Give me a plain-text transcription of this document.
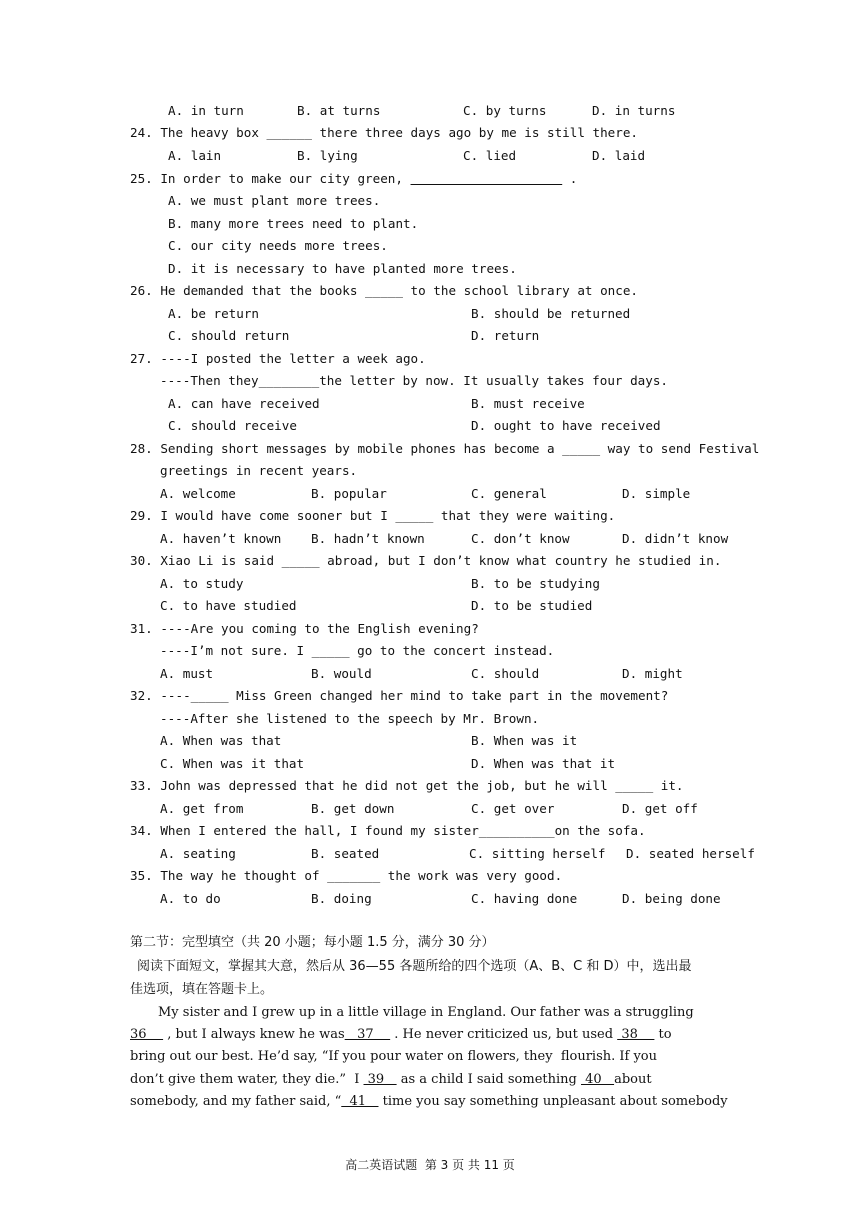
A. in turn	B. at turns	C. by turns	D. in turns
24. The heavy box ______ there three days ago by me is still there.
A. lain	B. lying	C. lied	D. laid
25. In order to make our city green,	.
A. we must plant more trees.
B. many more trees need to plant.
C. our city needs more trees.
D. it is necessary to have planted more trees.
26. He demanded that the books _____ to the school library at once.
A. be return	B. should be returned
C. should return	D. return
27. ----I posted the letter a week ago.
----Then they________the letter by now. It usually takes four days.
A. can have received	B. must receive
C. should receive	D. ought to have received
28. Sending short messages by mobile phones has become a _____ way to send Festival
greetings in recent years.
A. welcome	B. popular	C. general	D. simple
29. I would have come sooner but I _____ that they were waiting.
A. haven’t known B. hadn’t known	C. don’t know	D. didn’t know
30. Xiao Li is said _____ abroad, but I don’t know what country he studied in.
A. to study	B. to be studying
C. to have studied	D. to be studied
31. ----Are you coming to the English evening?
----I’m not sure. I _____ go to the concert instead.
A. must	B. would	C. should	D. might
32. ----_____ Miss Green changed her mind to take part in the movement?
----After she listened to the speech by Mr. Brown.
A. When was that	B. When was it
C. When was it that	D. When was that it
33. John was depressed that he did not get the job, but he will _____ it.
A. get from	B. get down	C. get over	D. get off
34. When I entered the hall, I found my sister__________on the sofa.
A. seating	B. seated	C. sitting herself D. seated herself
35. The way he thought of _______ the work was very good.
A. to do	B. doing	C. having done	D. being done
第二节：完型填空（共 20 小题；每小题 1.5 分，满分 30 分）
阅读下面短文，掌握其大意，然后从 36—55 各题所给的四个选项（A、B、C 和 D）中，选出最
佳选项，填在答题卡上。
My sister and I grew up in a little village in England. Our father was a struggling
36     , but I always knew he was   37     . He never criticized us, but used  38     to
bring out our best. He’d say, “If you pour water on flowers, they  flourish. If you
don’t give them water, they die.”  I  39    as a child I said something  40   about
somebody, and my father said, “  41    time you say something unpleasant about somebody
高二英语试题  第 3 页 共 11 页
